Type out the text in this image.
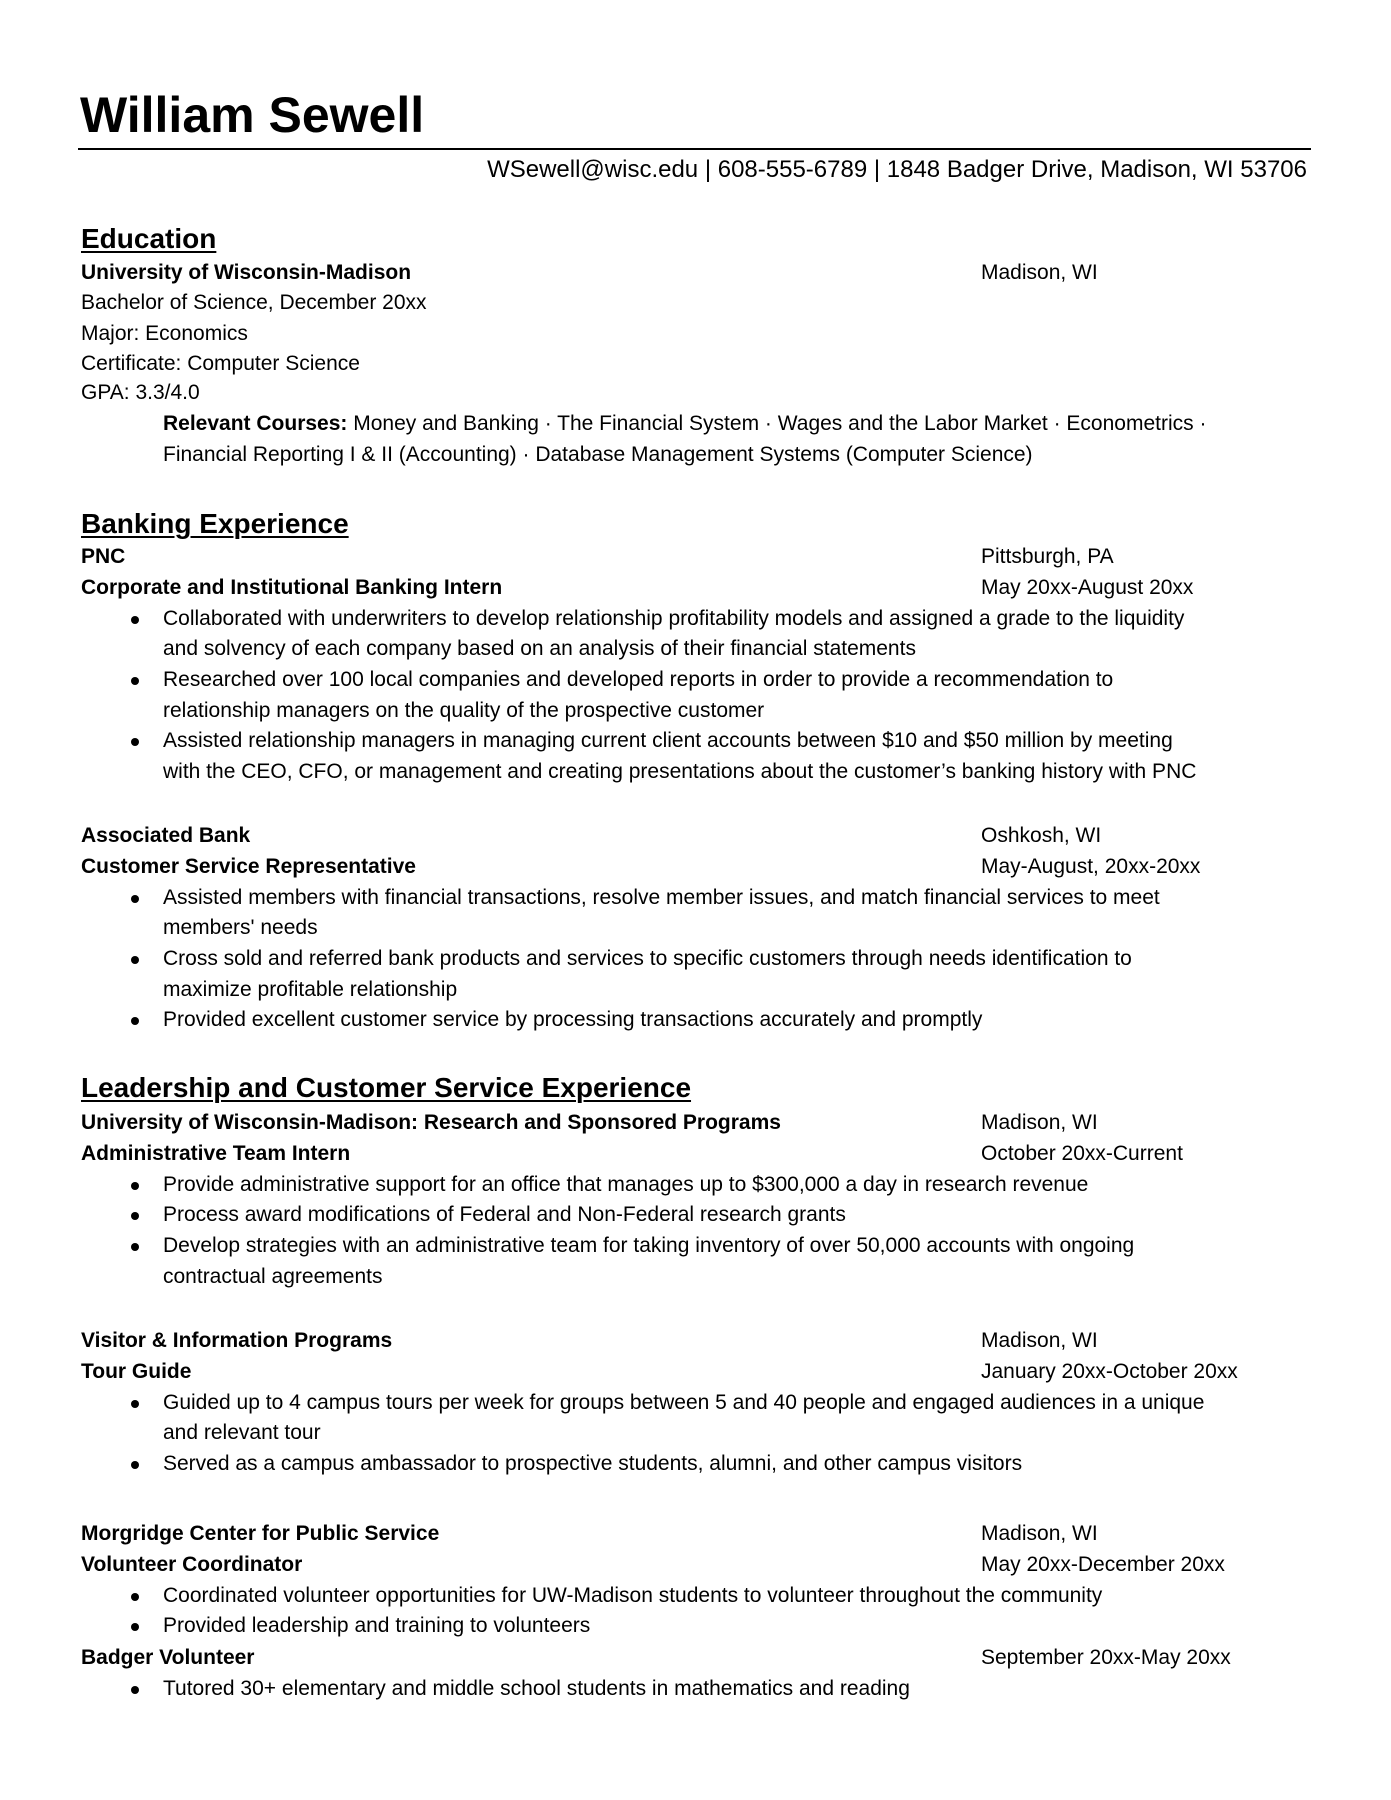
William Sewell
WSewell@wisc.edu | 608-555-6789 | 1848 Badger Drive, Madison, WI 53706
Education
University of Wisconsin-Madison	Madison, WI
Bachelor of Science, December 20xx
Major: Economics
Certificate: Computer Science
GPA: 3.3/4.0
Relevant Courses: Money and Banking · The Financial System · Wages and the Labor Market · Econometrics ·
Financial Reporting I & II (Accounting) · Database Management Systems (Computer Science)
Banking Experience
PNC	Pittsburgh, PA
Corporate and Institutional Banking Intern	May 20xx-August 20xx
Collaborated with underwriters to develop relationship profitability models and assigned a grade to the liquidity
and solvency of each company based on an analysis of their financial statements
Researched over 100 local companies and developed reports in order to provide a recommendation to
relationship managers on the quality of the prospective customer
Assisted relationship managers in managing current client accounts between $10 and $50 million by meeting
with the CEO, CFO, or management and creating presentations about the customer’s banking history with PNC
Associated Bank	Oshkosh, WI
Customer Service Representative	May-August, 20xx-20xx
Assisted members with financial transactions, resolve member issues, and match financial services to meet
members' needs
Cross sold and referred bank products and services to specific customers through needs identification to
maximize profitable relationship
Provided excellent customer service by processing transactions accurately and promptly
Leadership and Customer Service Experience
University of Wisconsin-Madison: Research and Sponsored Programs	Madison, WI
Administrative Team Intern	October 20xx-Current
Provide administrative support for an office that manages up to $300,000 a day in research revenue
Process award modifications of Federal and Non-Federal research grants
Develop strategies with an administrative team for taking inventory of over 50,000 accounts with ongoing
contractual agreements
Visitor & Information Programs	Madison, WI
Tour Guide	January 20xx-October 20xx
Guided up to 4 campus tours per week for groups between 5 and 40 people and engaged audiences in a unique
and relevant tour
Served as a campus ambassador to prospective students, alumni, and other campus visitors
Morgridge Center for Public Service	Madison, WI
Volunteer Coordinator	May 20xx-December 20xx
Coordinated volunteer opportunities for UW-Madison students to volunteer throughout the community
Provided leadership and training to volunteers
Badger Volunteer	September 20xx-May 20xx
Tutored 30+ elementary and middle school students in mathematics and reading
